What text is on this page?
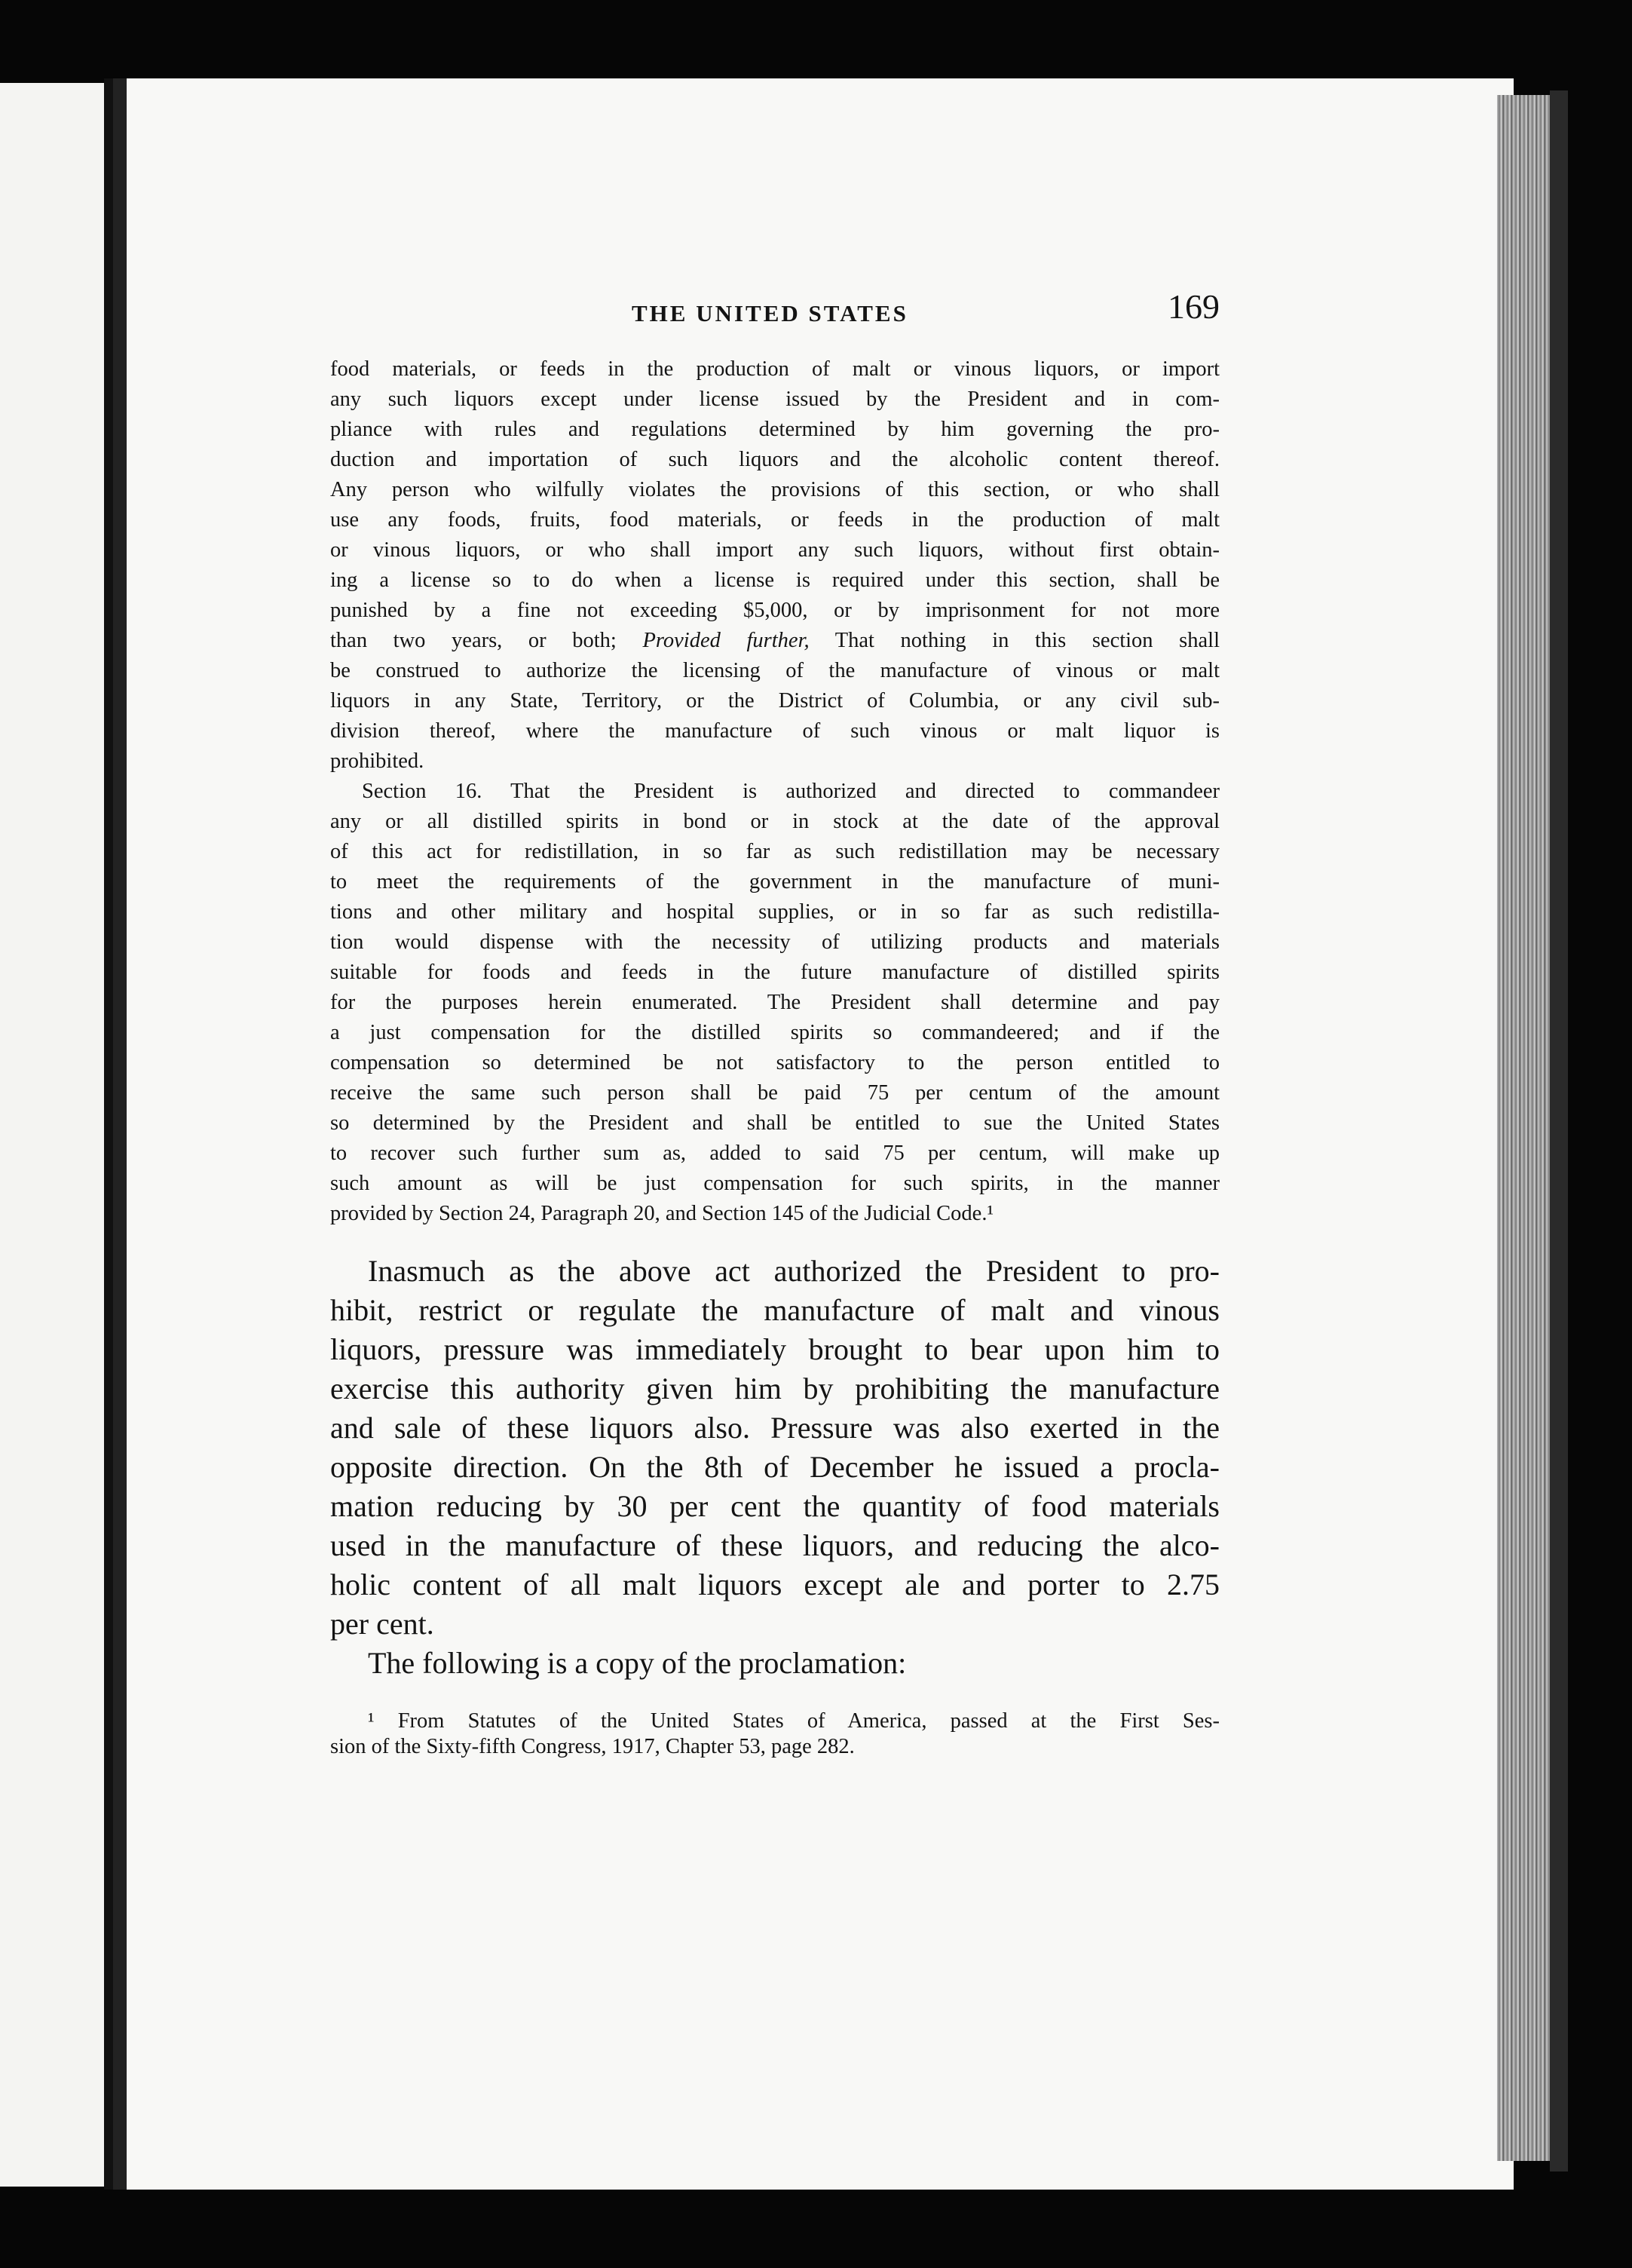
THE UNITED STATES	169

food materials, or feeds in the production of malt or vinous liquors, or import

any such liquors except under license issued by the President and in com-

pliance with rules and regulations determined by him governing the pro-

duction and importation of such liquors and the alcoholic content thereof.

Any person who wilfully violates the provisions of this section, or who shall

use any foods, fruits, food materials, or feeds in the production of malt

or vinous liquors, or who shall import any such liquors, without first obtain-

ing a license so to do when a license is required under this section, shall be

punished by a fine not exceeding $5,000, or by imprisonment for not more

than two years, or both; Provided further, That nothing in this section shall

be construed to authorize the licensing of the manufacture of vinous or malt

liquors in any State, Territory, or the District of Columbia, or any civil sub-

division thereof, where the manufacture of such vinous or malt liquor is

prohibited.

Section 16. That the President is authorized and directed to commandeer

any or all distilled spirits in bond or in stock at the date of the approval

of this act for redistillation, in so far as such redistillation may be necessary

to meet the requirements of the government in the manufacture of muni-

tions and other military and hospital supplies, or in so far as such redistilla-

tion would dispense with the necessity of utilizing products and materials

suitable for foods and feeds in the future manufacture of distilled spirits

for the purposes herein enumerated. The President shall determine and pay

a just compensation for the distilled spirits so commandeered; and if the

compensation so determined be not satisfactory to the person entitled to

receive the same such person shall be paid 75 per centum of the amount

so determined by the President and shall be entitled to sue the United States

to recover such further sum as, added to said 75 per centum, will make up

such amount as will be just compensation for such spirits, in the manner

provided by Section 24, Paragraph 20, and Section 145 of the Judicial Code.¹

Inasmuch as the above act authorized the President to pro-

hibit, restrict or regulate the manufacture of malt and vinous

liquors, pressure was immediately brought to bear upon him to

exercise this authority given him by prohibiting the manufacture

and sale of these liquors also. Pressure was also exerted in the

opposite direction. On the 8th of December he issued a procla-

mation reducing by 30 per cent the quantity of food materials

used in the manufacture of these liquors, and reducing the alco-

holic content of all malt liquors except ale and porter to 2.75

per cent.

The following is a copy of the proclamation:

¹ From Statutes of the United States of America, passed at the First Ses-

sion of the Sixty-fifth Congress, 1917, Chapter 53, page 282.
